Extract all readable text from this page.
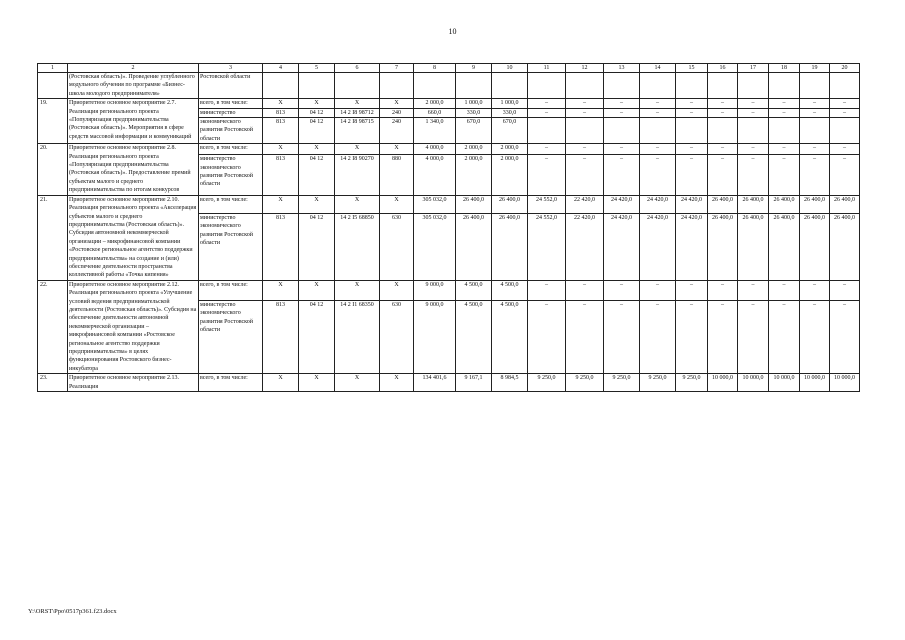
10
1	2	3	4	5	6	7	8	9	10	11	12	13	14	15	16	17	18	19	20
	(Ростовская область)». Проведение углубленного модульного обучения по программе «Бизнес-школа молодого предпринимателя»	Ростовской области																	
19.	Приоритетное основное мероприятие 2.7. Реализация регионального проекта «Популяризация предпринимательства (Ростовская область)». Мероприятия в сфере средств массовой информации и коммуникаций	всего, в том числе:	X	X	X	X	2 000,0	1 000,0	1 000,0	–	–	–	–	–	–	–	–	–	–
		министерство	813	04 12	14 2 I8 98712	240	660,0	330,0	330,0	–	–	–	–	–	–	–	–	–	–
		экономического развития Ростовской области	813	04 12	14 2 I8 98715	240	1 340,0	670,0	670,0										
20.	Приоритетное основное мероприятие 2.8. Реализация регионального проекта «Популяризация предпринимательства (Ростовская область)». Предоставление премий субъектам малого и среднего предпринимательства по итогам конкурсов	всего, в том числе:	X	X	X	X	4 000,0	2 000,0	2 000,0	–	–	–	–	–	–	–	–	–	–
		министерство экономического развития Ростовской области	813	04 12	14 2 I8 90270	880	4 000,0	2 000,0	2 000,0	–	–	–	–	–	–	–	–	–	–
21.	Приоритетное основное мероприятие 2.10. Реализация регионального проекта «Акселерация субъектов малого и среднего предпринимательства (Ростовская область)». Субсидия автономной некоммерческой организации – микрофинансовой компании «Ростовское региональное агентство поддержки предпринимательства» на создание и (или) обеспечение деятельности пространства коллективной работы «Точка кипения»	всего, в том числе:	X	X	X	X	305 032,0	26 400,0	26 400,0	24 552,0	22 420,0	24 420,0	24 420,0	24 420,0	26 400,0	26 400,0	26 400,0	26 400,0	26 400,0
		министерство экономического развития Ростовской области	813	04 12	14 2 I5 68850	630	305 032,0	26 400,0	26 400,0	24 552,0	22 420,0	24 420,0	24 420,0	24 420,0	26 400,0	26 400,0	26 400,0	26 400,0	26 400,0
22.	Приоритетное основное мероприятие 2.12. Реализация регионального проекта «Улучшение условий ведения предпринимательской деятельности (Ростовская область)». Субсидия на обеспечение деятельности автономной некоммерческой организации – микрофинансовой компании «Ростовское региональное агентство поддержки предпринимательства» в целях функционирования Ростовского бизнес-инкубатора	всего, в том числе:	X	X	X	X	9 000,0	4 500,0	4 500,0	–	–	–	–	–	–	–	–	–	–
		министерство экономического развития Ростовской области	813	04 12	14 2 I1 68350	630	9 000,0	4 500,0	4 500,0	–	–	–	–	–	–	–	–	–	–
23.	Приоритетное основное мероприятие 2.13. Реализация	всего, в том числе:	X	X	X	X	134 401,6	9 167,1	8 984,5	9 250,0	9 250,0	9 250,0	9 250,0	9 250,0	10 000,0	10 000,0	10 000,0	10 000,0	10 000,0
Y:\ORST\Ppo\0517p361.f23.docx
